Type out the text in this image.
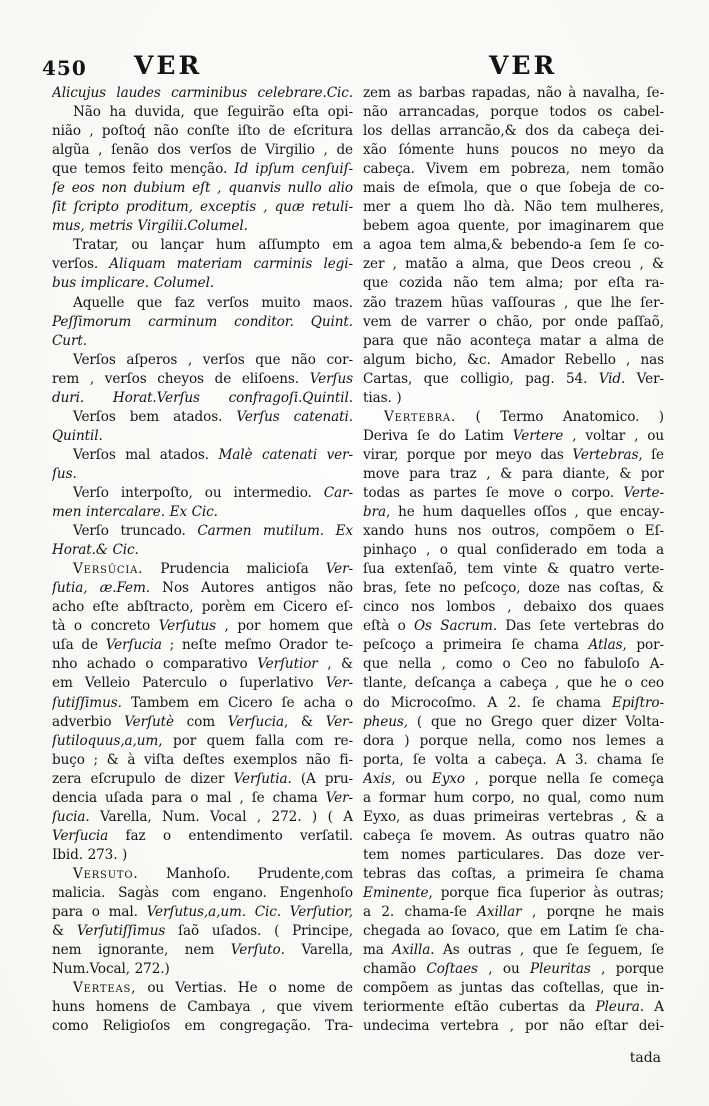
450 VER	VER
Alicujus laudes carminibus celebrare.Cic.
Não ha duvida, que ſeguirão eſta opi-
nião , poſtoq́ não conſte iſto de eſcritura
algũa , ſenão dos verſos de Virgilio , de
que temos feito menção. Id ipſum cenſuiſ-
ſe eos non dubium eſt , quanvis nullo alio
ſit ſcripto proditum, exceptis , quæ retuli-
mus, metris Virgilii.Columel.
Tratar, ou lançar hum aſſumpto em
verſos. Aliquam materiam carminis legi-
bus implicare. Columel.
Aquelle que faz verſos muito maos.
Peſſimorum carminum conditor. Quint.
Curt.
Verſos aſperos , verſos que não cor-
rem , verſos cheyos de eliſoens. Verſus
duri. Horat.Verſus confragoſi.Quintil.
Verſos bem atados. Verſus catenati.
Quintil.
Verſos mal atados. Malè catenati ver-
ſus.
Verſo interpoſto, ou intermedio. Car-
men intercalare. Ex Cic.
Verſo truncado. Carmen mutilum. Ex
Horat.& Cic.
Versûcia. Prudencia malicioſa Ver-
ſutia, æ.Fem. Nos Autores antigos não
acho eſte abſtracto, porèm em Cicero eſ-
tà o concreto Verſutus , por homem que
uſa de Verſucia ; neſte meſmo Orador te-
nho achado o comparativo Verſutior , &
em Velleio Paterculo o ſuperlativo Ver-
ſutiſſimus. Tambem em Cicero ſe acha o
adverbio Verſutè com Verſucia, & Ver-
ſutiloquus,a,um, por quem falla com re-
buço ; & à viſta deſtes exemplos não fi-
zera eſcrupulo de dizer Verſutia. (A pru-
dencia uſada para o mal , ſe chama Ver-
ſucia. Varella, Num. Vocal , 272. ) ( A
Verſucia faz o entendimento verſatil.
Ibid. 273. )
Versuto. Manhoſo. Prudente,com
malicia. Sagàs com engano. Engenhoſo
para o mal. Verſutus,a,um. Cic. Verſutior,
& Verſutiſſimus ſaõ uſados. ( Principe,
nem ignorante, nem Verſuto. Varella,
Num.Vocal, 272.)
Verteas, ou Vertias. He o nome de
huns homens de Cambaya , que vivem
como Religioſos em congregação. Tra-
zem as barbas rapadas, não à navalha, ſe-
não arrancadas, porque todos os cabel-
los dellas arrancão,& dos da cabeça dei-
xão ſómente huns poucos no meyo da
cabeça. Vivem em pobreza, nem tomão
mais de eſmola, que o que ſobeja de co-
mer a quem lho dà. Não tem mulheres,
bebem agoa quente, por imaginarem que
a agoa tem alma,& bebendo-a ſem ſe co-
zer , matão a alma, que Deos creou , &
que cozida não tem alma; por eſta ra-
zão trazem hũas vaſſouras , que lhe ſer-
vem de varrer o chão, por onde paſſaõ,
para que não aconteça matar a alma de
algum bicho, &c. Amador Rebello , nas
Cartas, que colligio, pag. 54. Vid. Ver-
tias. )
Vertebra. ( Termo Anatomico. )
Deriva ſe do Latim Vertere , voltar , ou
virar, porque por meyo das Vertebras, ſe
move para traz , & para diante, & por
todas as partes ſe move o corpo. Verte-
bra, he hum daquelles oſſos , que encay-
xando huns nos outros, compõem o Eſ-
pinhaço , o qual conſiderado em toda a
ſua extenſaõ, tem vinte & quatro verte-
bras, ſete no peſcoço, doze nas coſtas, &
cinco nos lombos , debaixo dos quaes
eſtà o Os Sacrum. Das ſete vertebras do
peſcoço a primeira ſe chama Atlas, por-
que nella , como o Ceo no fabuloſo A-
tlante, deſcança a cabeça , que he o ceo
do Microcoſmo. A 2. ſe chama Epiſtro-
pheus, ( que no Grego quer dizer Volta-
dora ) porque nella, como nos lemes a
porta, ſe volta a cabeça. A 3. chama ſe
Axis, ou Eyxo , porque nella ſe começa
a formar hum corpo, no qual, como num
Eyxo, as duas primeiras vertebras , & a
cabeça ſe movem. As outras quatro não
tem nomes particulares. Das doze ver-
tebras das coſtas, a primeira ſe chama
Eminente, porque fica ſuperior às outras;
a 2. chama-ſe Axillar , porqne he mais
chegada ao ſovaco, que em Latim ſe cha-
ma Axilla. As outras , que ſe ſeguem, ſe
chamão Coſtaes , ou Pleuritas , porque
compõem as juntas das coſtellas, que in-
teriormente eſtão cubertas da Pleura. A
undecima vertebra , por não eſtar dei-
tada
